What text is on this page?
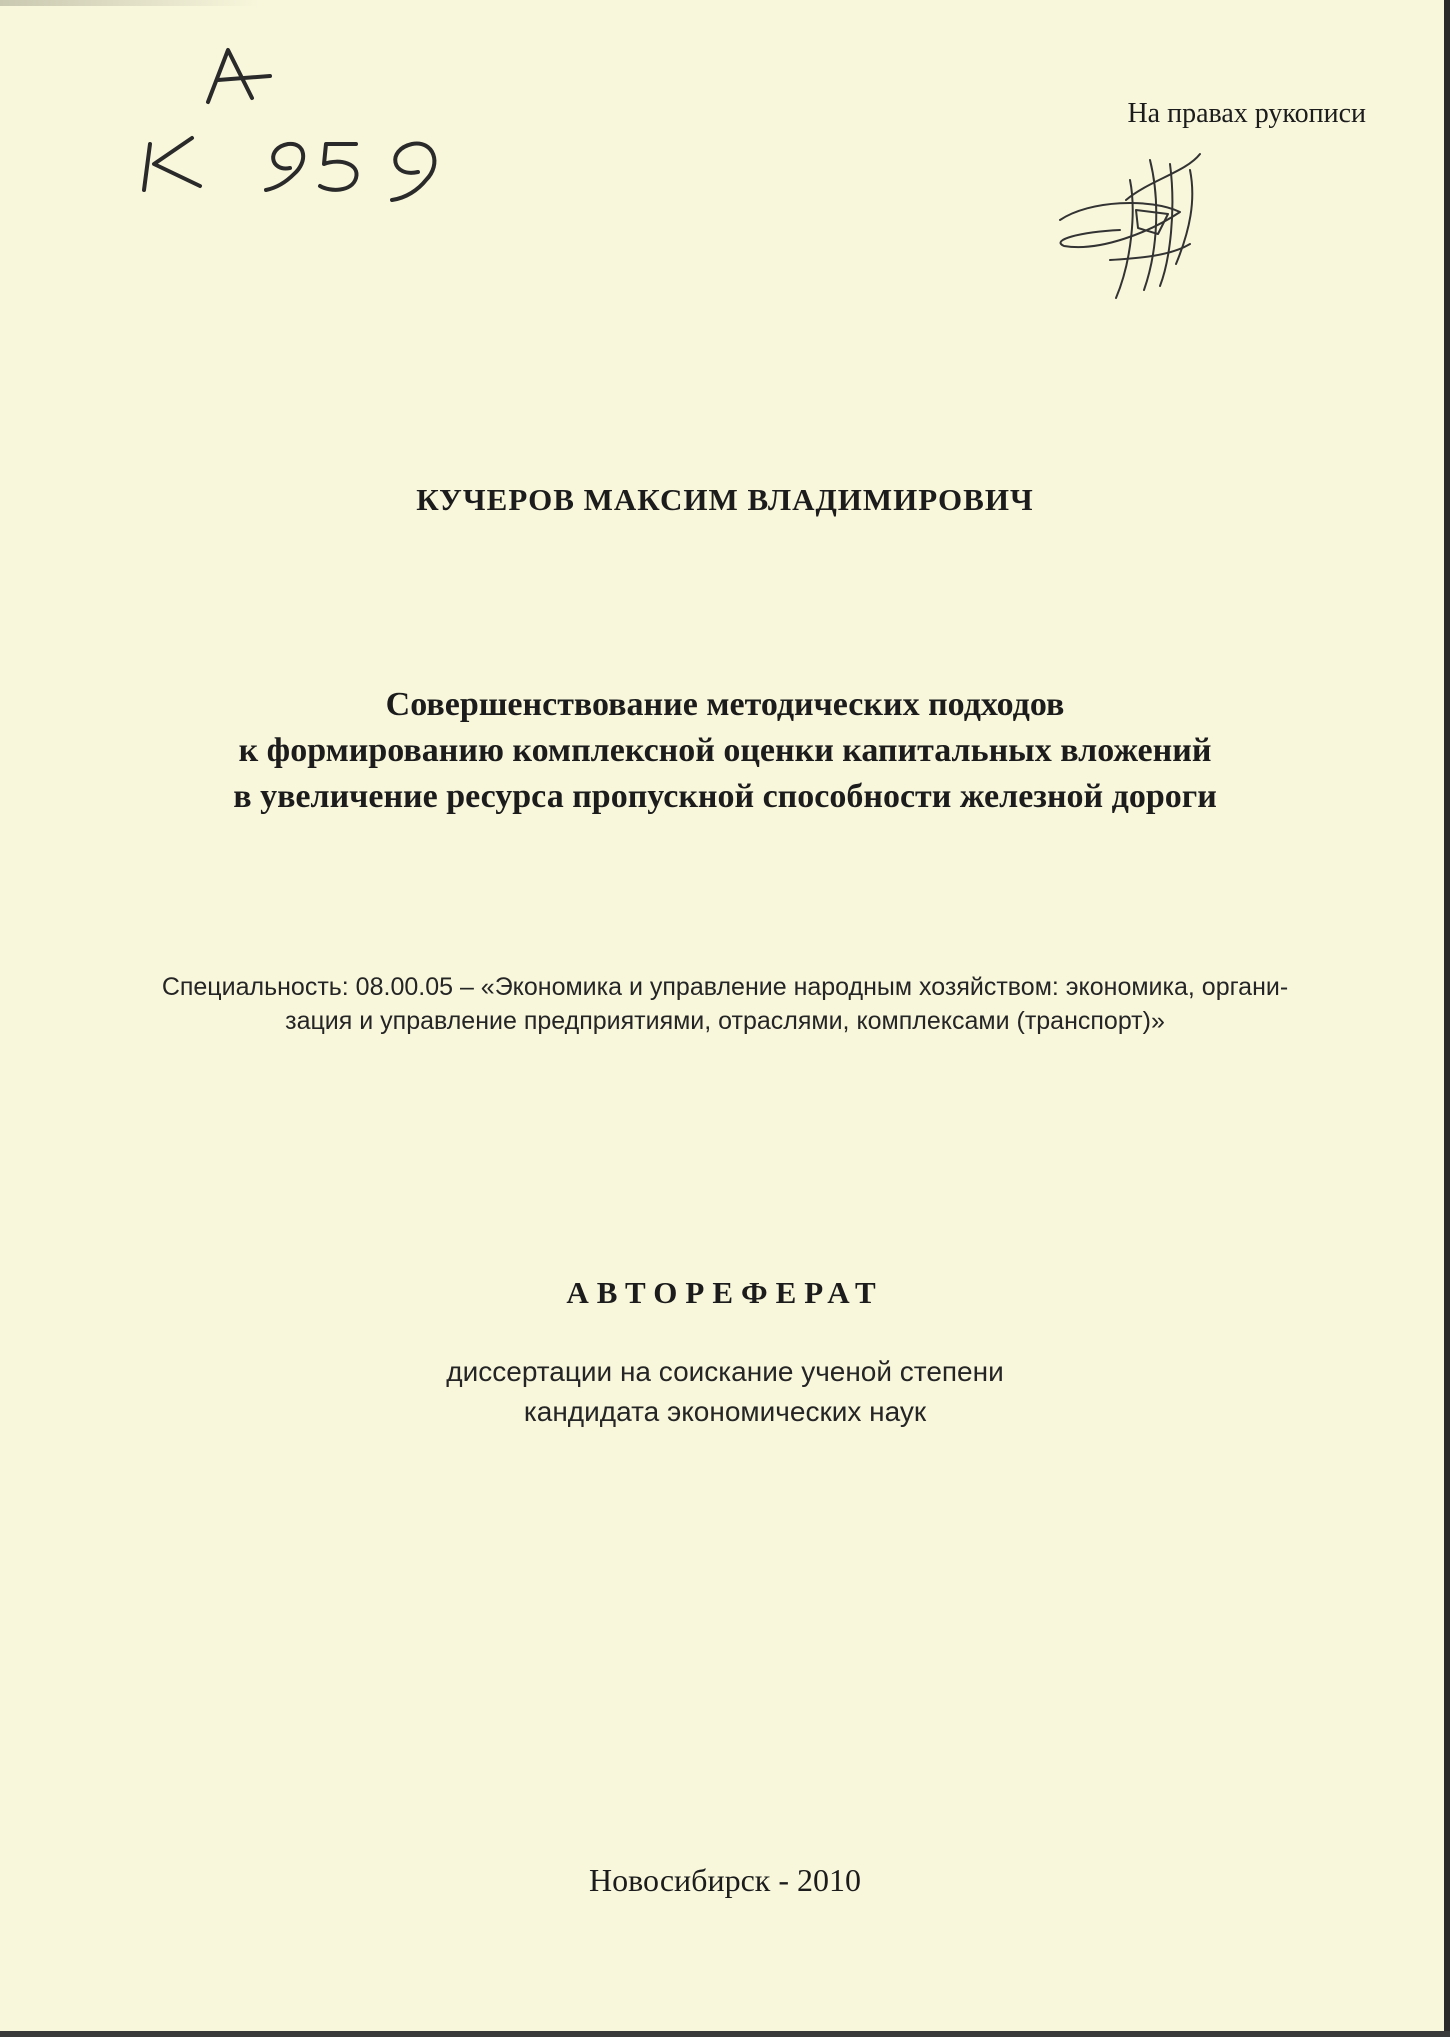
На правах рукописи
КУЧЕРОВ МАКСИМ ВЛАДИМИРОВИЧ
Совершенствование методических подходов
к формированию комплексной оценки капитальных вложений
в увеличение ресурса пропускной способности железной дороги
Специальность: 08.00.05 – «Экономика и управление народным хозяйством: экономика, органи-
зация и управление предприятиями, отраслями, комплексами (транспорт)»
АВТОРЕФЕРАТ
диссертации на соискание ученой степени
кандидата экономических наук
Новосибирск - 2010
